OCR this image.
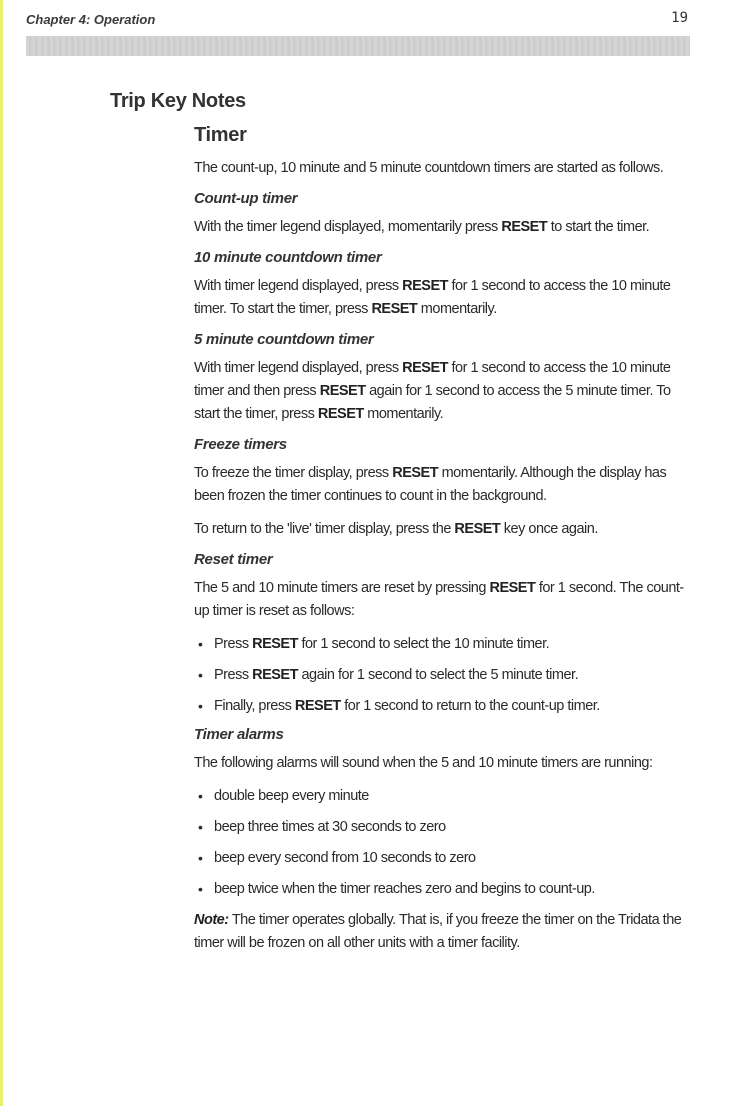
Chapter 4: Operation	19
Trip Key Notes
Timer

The count-up, 10 minute and 5 minute countdown timers are started as follows.

Count-up timer

With the timer legend displayed, momentarily press RESET to start the timer.

10 minute countdown timer

With timer legend displayed, press RESET for 1 second to access the 10 minute timer. To start the timer, press RESET momentarily.

5 minute countdown timer

With timer legend displayed, press RESET for 1 second to access the 10 minute timer and then press RESET again for 1 second to access the 5 minute timer. To start the timer, press RESET momentarily.

Freeze timers

To freeze the timer display, press RESET momentarily. Although the display has been frozen the timer continues to count in the background.

To return to the 'live' timer display, press the RESET key once again.

Reset timer

The 5 and 10 minute timers are reset by pressing RESET for 1 second. The count-up timer is reset as follows:

• Press RESET for 1 second to select the 10 minute timer.
• Press RESET again for 1 second to select the 5 minute timer.
• Finally, press RESET for 1 second to return to the count-up timer.
Timer alarms

The following alarms will sound when the 5 and 10 minute timers are running:

• double beep every minute
• beep three times at 30 seconds to zero
• beep every second from 10 seconds to zero
• beep twice when the timer reaches zero and begins to count-up.

Note: The timer operates globally. That is, if you freeze the timer on the Tridata the timer will be frozen on all other units with a timer facility.
